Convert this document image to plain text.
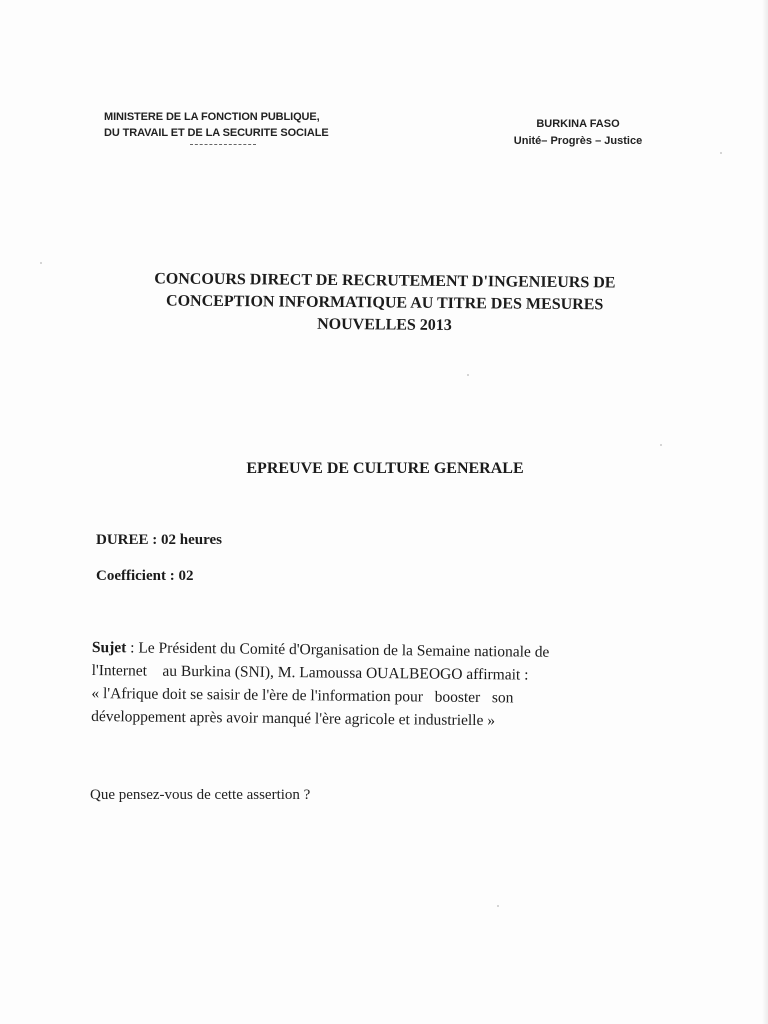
MINISTERE DE LA FONCTION PUBLIQUE,
DU TRAVAIL ET DE LA SECURITE SOCIALE
BURKINA FASO
Unité– Progrès – Justice
CONCOURS DIRECT DE RECRUTEMENT D'INGENIEURS DE
CONCEPTION INFORMATIQUE AU TITRE DES MESURES
NOUVELLES 2013
EPREUVE DE CULTURE GENERALE
DUREE : 02 heures
Coefficient : 02
Sujet : Le Président du Comité d'Organisation de la Semaine nationale de
l'Internet    au Burkina (SNI), M. Lamoussa OUALBEOGO affirmait :
« l'Afrique doit se saisir de l'ère de l'information pour   booster   son
développement après avoir manqué l'ère agricole et industrielle »
Que pensez-vous de cette assertion ?
